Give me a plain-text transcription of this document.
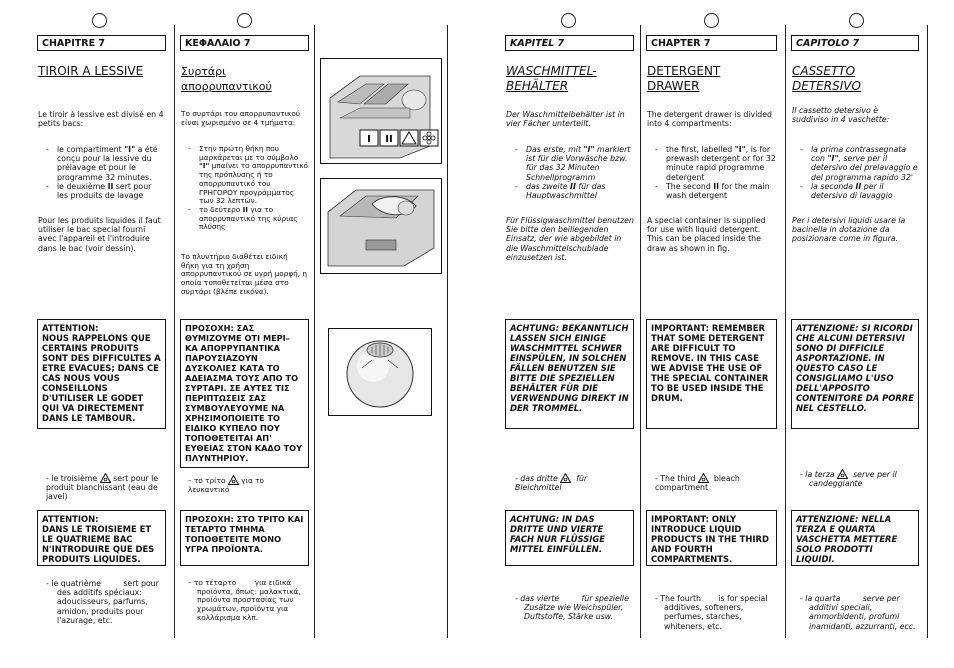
CHAPITRE 7
TIROIR A LESSIVE
Le tiroir à lessive est divisé en 4 petits bacs:
- le compartiment "I" a été conçu pour la lessive du prélavage et pour le programme 32 minutes.
- le deuxième II sert pour les produits de lavage
Pour les produits liquides il faut utiliser le bac special fourni avec l'appareil et l'introduire dans le bac (voir dessin).
ATTENTION:
NOUS RAPPELONS QUE CERTAINS PRODUITS SONT DES DIFFICULTES A ETRE EVACUES; DANS CE CAS NOUS VOUS CONSEILLONS D'UTILISER LE GODET QUI VA DIRECTEMENT DANS LE TAMBOUR.
- le troisième sert pour le produit blanchissant (eau de javel)
ATTENTION:
DANS LE TROISIEME ET LE QUATRIEME BAC N'INTRODUIRE QUE DES PRODUITS LIQUIDES.
- le quatrième	sert pour des additifs spéciaux: adoucisseurs, parfums, amidon, produits pour l'azurage, etc.
ΚΕΦΑΛΑΙΟ 7
Συρτάρι απορρυπαντικού
Το συρτάρι του απορρυπαντικού είναι χωρισμένο σε 4 τμήματα:
- Στην πρώτη θήκη που μαρκάρεται με το σύμβολο "I" μπαίνει το απορρυπαντικό της πρόπλυσης ή το απορρυπαντικό του ΓΡΗΓΟΡΟΥ προγράμματος των 32 λεπτών.
- το δεύτερο II για το απορρυπαντικό της κύριας πλύσης
Το πλυντήριο διαθέτει ειδική θήκη για τη χρήση απορρυπαντικού σε υγρή μορφή, η οποία τοποθετείται μέσα στο συρτάρι (βλέπε εικόνα).
ΠΡΟΣΟΧΗ: ΣΑΣ ΘΥΜΙΖΟΥΜΕ ΟΤΙ ΜΕΡΙ– ΚΑ ΑΠΟΡΡΥΠΑΝΤΙΚΑ ΠΑΡΟΥΣΙΑΖΟΥΝ ΔΥΣΚΟΛΙΕΣ ΚΑΤΑ ΤΟ ΑΔΕΙΑΣΜΑ ΤΟΥΣ ΑΠΟ ΤΟ ΣΥΡΤΑΡΙ. ΣΕ ΑΥΤΕΣ ΤΙΣ ΠΕΡΙΠΤΩΣΕΙΣ ΣΑΣ ΣΥΜΒΟΥΛΕΥΟΥΜΕ ΝΑ ΧΡΗΣΙΜΟΠΟΙΕΙΤΕ ΤΟ ΕΙΔΙΚΟ ΚΥΠΕΛΟ ΠΟΥ ΤΟΠΟΘΕΤΕΙΤΑΙ ΑΠ' ΕΥΘΕΙΑΣ ΣΤΟΝ ΚΑΔΟ ΤΟΥ ΠΛΥΝΤΗΡΙΟΥ.
– το τρίτο για το λευκαντικό
ΠΡΟΣΟΧΗ: ΣΤΟ ΤΡΙΤΟ ΚΑΙ ΤΕΤΑΡΤΟ ΤΜΗΜΑ ΤΟΠΟΘΕΤΕΙΤΕ ΜΟΝΟ ΥΓΡΑ ΠΡΟΪΟΝΤΑ.
– το τέταρτο	για ειδικά προϊόντα, όπως: μαλακτικά, προϊόντα προστασίας των χρωμάτων, προϊόντα για κολλάρισμα κλπ.
I II
KAPITEL 7
WASCHMITTEL-BEHÄLTER
Der Waschmittelbehälter ist in vier Fächer unterteilt.
- Das erste, mit "I" markiert ist für die Vorwäsche bzw. für das 32 Minuten Schnellprogramm
- das zweite II für das Hauptwaschmittel
Für Flüssigwaschmittel benutzen Sie bitte den beiliegenden Einsatz, der wie abgebildet in die Waschmittelschublade einzusetzen ist.
ACHTUNG: BEKANNTLICH LASSEN SICH EINIGE WASCHMITTEL SCHWER EINSPÜLEN, IN SOLCHEN FÄLLEN BENUTZEN SIE BITTE DIE SPEZIELLEN BEHÄLTER FÜR DIE VERWENDUNG DIREKT IN DER TROMMEL.
- das dritte für Bleichmittel
ACHTUNG: IN DAS DRITTE UND VIERTE FACH NUR FLÜSSIGE MITTEL EINFÜLLEN.
- das vierte	für spezielle Zusätze wie Weichspüler, Duftstoffe, Stärke usw.
CHAPTER 7
DETERGENT DRAWER
The detergent drawer is divided into 4 compartments:
- the first, labelled "I", is for prewash detergent or for 32 minute rapid programme detergent
- The second II for the main wash detergent
A special container is supplied for use with liquid detergent. This can be placed inside the draw as shown in fig.
IMPORTANT: REMEMBER THAT SOME DETERGENT ARE DIFFICULT TO REMOVE. IN THIS CASE WE ADVISE THE USE OF THE SPECIAL CONTAINER TO BE USED INSIDE THE DRUM.
- The third bleach compartment
IMPORTANT: ONLY INTRODUCE LIQUID PRODUCTS IN THE THIRD AND FOURTH COMPARTMENTS.
- The fourth is for special additives, softeners, perfumes, starches, whiteners, etc.
CAPITOLO 7
CASSETTO DETERSIVO
Il cassetto detersivo è suddiviso in 4 vaschette:
- la prima contrassegnata con "I", serve per il detersivo del prelavaggio e del programma rapido 32'
- la seconda II per il detersivo di lavaggio
Per i detersivi liquidi usare la bacinella in dotazione da posizionare come in figura.
ATTENZIONE: SI RICORDI CHE ALCUNI DETERSIVI SONO DI DIFFICILE ASPORTAZIONE. IN QUESTO CASO LE CONSIGLIAMO L'USO DELL'APPOSITO CONTENITORE DA PORRE NEL CESTELLO.
- la terza serve per il candeggiante
ATTENZIONE: NELLA TERZA E QUARTA VASCHETTA METTERE SOLO PRODOTTI LIQUIDI.
- la quarta	serve per additivi speciali, ammorbidenti, profumi inamidanti, azzurranti, ecc.
